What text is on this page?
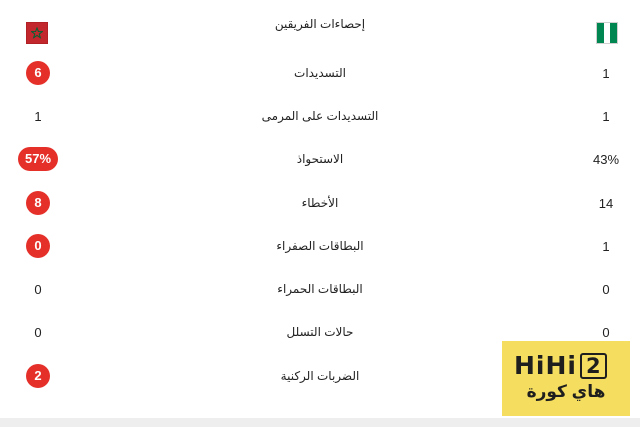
إحصاءات الفريقين
6	التسديدات	1
1	التسديدات على المرمى	1
57%	الاستحواذ	43%
8	الأخطاء	14
0	البطاقات الصفراء	1
0	البطاقات الحمراء	0
0	حالات التسلل	0
2	الضربات الركنية	HiHi 2
هاي كورة
